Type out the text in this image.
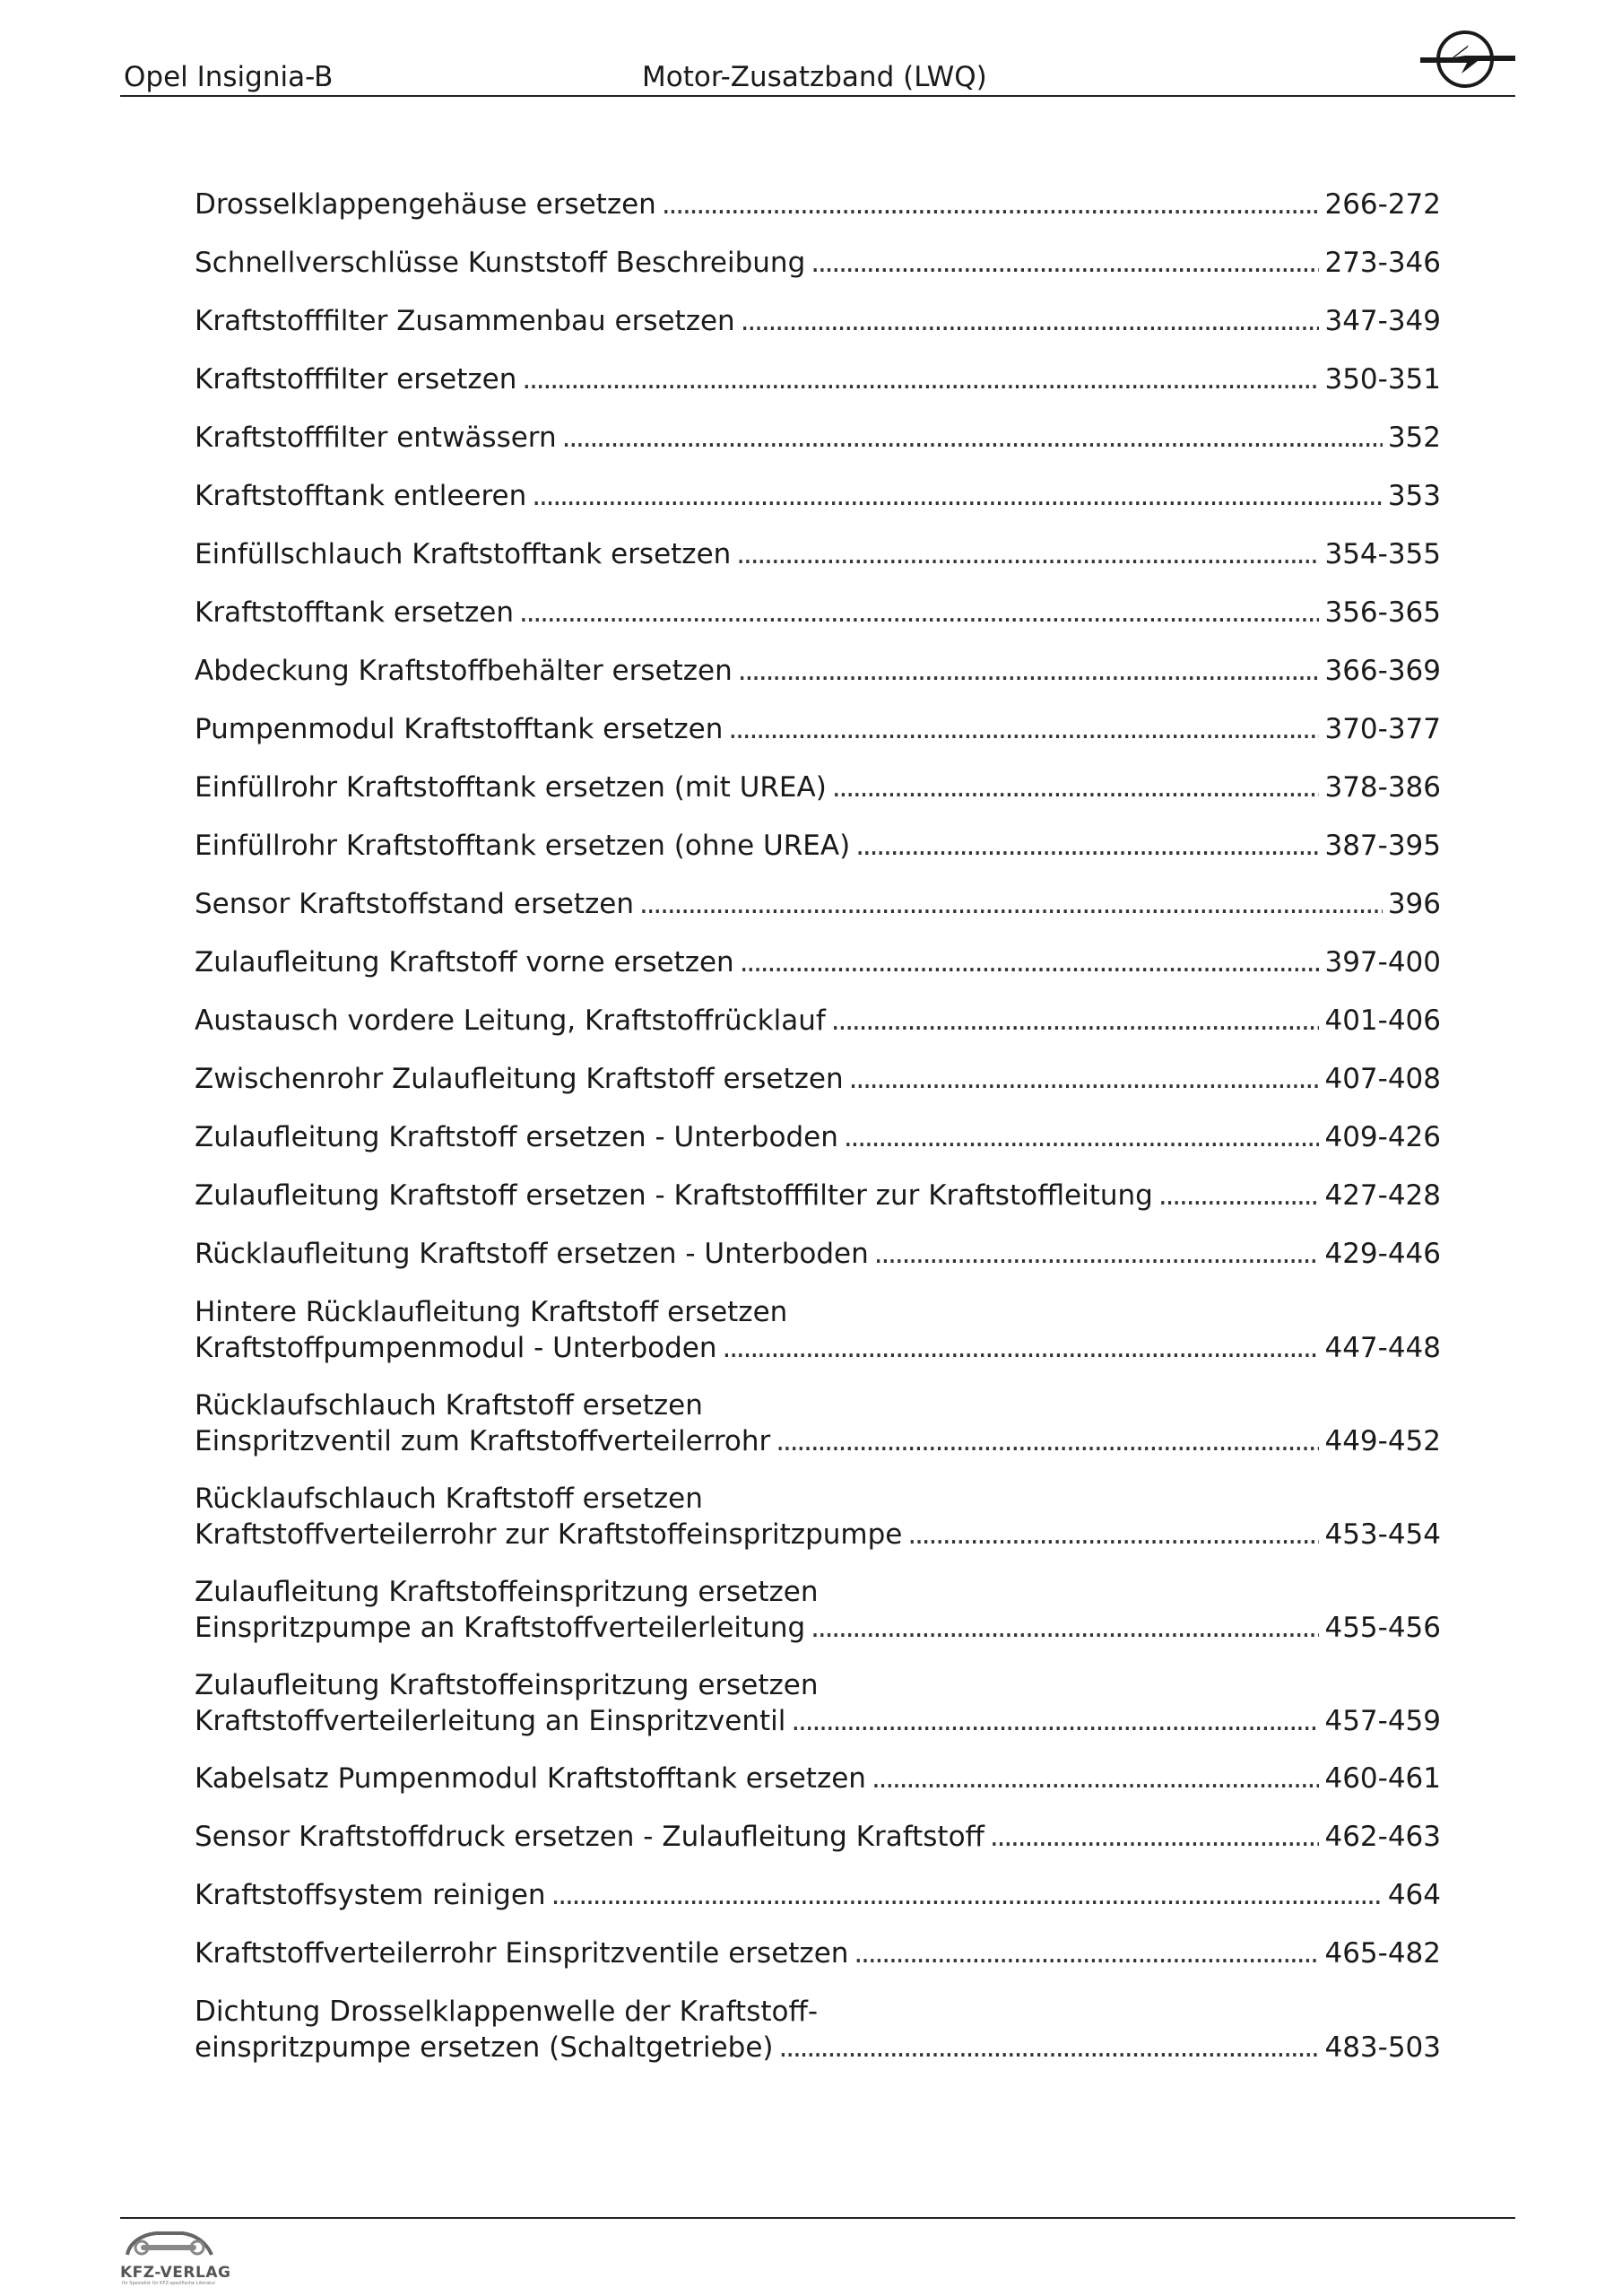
Opel Insignia-B	Motor-Zusatzband (LWQ)
Drosselklappengehäuse ersetzen . . .	266-272
Schnellverschlüsse Kunststoff Beschreibung . . .	273-346
Kraftstofffilter Zusammenbau ersetzen . . .	347-349
Kraftstofffilter ersetzen . . .	350-351
Kraftstofffilter entwässern . . .	352
Kraftstofftank entleeren . . .	353
Einfüllschlauch Kraftstofftank ersetzen . . .	354-355
Kraftstofftank ersetzen . . .	356-365
Abdeckung Kraftstoffbehälter ersetzen . . .	366-369
Pumpenmodul Kraftstofftank ersetzen . . .	370-377
Einfüllrohr Kraftstofftank ersetzen (mit UREA) . . .	378-386
Einfüllrohr Kraftstofftank ersetzen (ohne UREA) . . .	387-395
Sensor Kraftstoffstand ersetzen . . .	396
Zulaufleitung Kraftstoff vorne ersetzen . . .	397-400
Austausch vordere Leitung, Kraftstoffrücklauf . . .	401-406
Zwischenrohr Zulaufleitung Kraftstoff ersetzen . . .	407-408
Zulaufleitung Kraftstoff ersetzen - Unterboden . . .	409-426
Zulaufleitung Kraftstoff ersetzen - Kraftstofffilter zur Kraftstoffleitung . . .	427-428
Rücklaufleitung Kraftstoff ersetzen - Unterboden . . .	429-446
Hintere Rücklaufleitung Kraftstoff ersetzen
Kraftstoffpumpenmodul - Unterboden . . .	447-448
Rücklaufschlauch Kraftstoff ersetzen
Einspritzventil zum Kraftstoffverteilerrohr . . .	449-452
Rücklaufschlauch Kraftstoff ersetzen
Kraftstoffverteilerrohr zur Kraftstoffeinspritzpumpe . . .	453-454
Zulaufleitung Kraftstoffeinspritzung ersetzen
Einspritzpumpe an Kraftstoffverteilerleitung . . .	455-456
Zulaufleitung Kraftstoffeinspritzung ersetzen
Kraftstoffverteilerleitung an Einspritzventil . . .	457-459
Kabelsatz Pumpenmodul Kraftstofftank ersetzen . . .	460-461
Sensor Kraftstoffdruck ersetzen - Zulaufleitung Kraftstoff . . .	462-463
Kraftstoffsystem reinigen . . .	464
Kraftstoffverteilerrohr Einspritzventile ersetzen . . .	465-482
Dichtung Drosselklappenwelle der Kraftstoff-
einspritzpumpe ersetzen (Schaltgetriebe) . . .	483-503
KFZ-VERLAG
Ihr Spezialist für KFZ-spezifische Literatur
